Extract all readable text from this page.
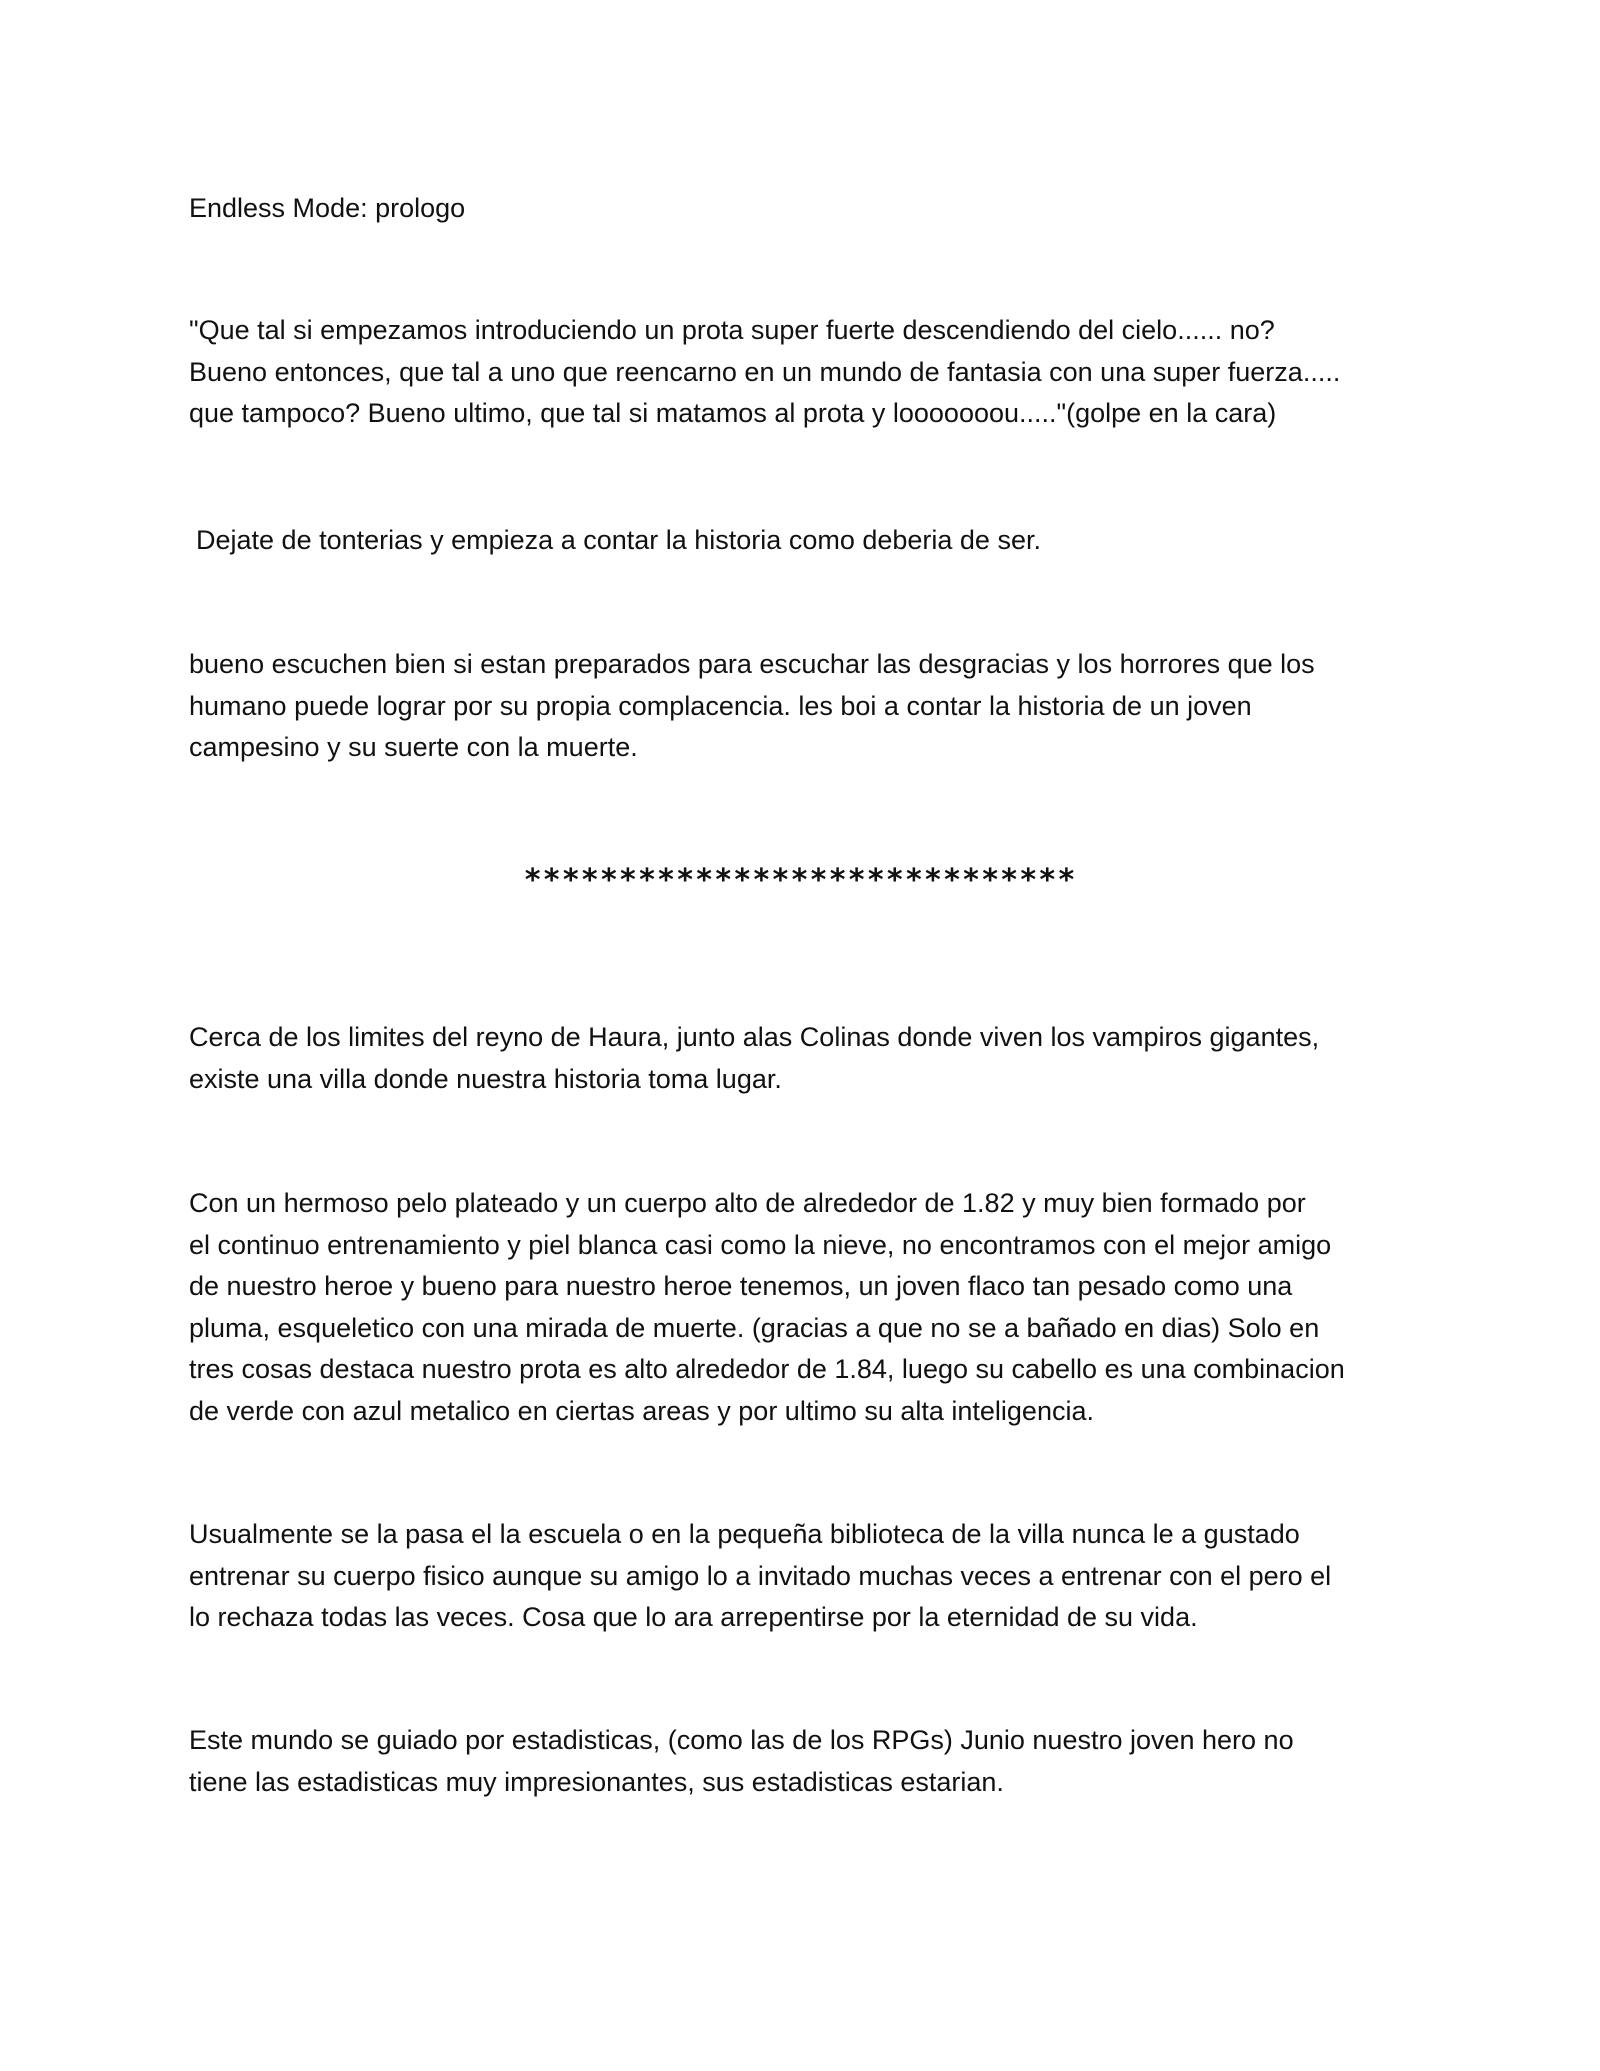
Endless Mode: prologo
"Que tal si empezamos introduciendo un prota super fuerte descendiendo del cielo...... no?
Bueno entonces, que tal a uno que reencarno en un mundo de fantasia con una super fuerza.....
que tampoco? Bueno ultimo, que tal si matamos al prota y looooooou....."(golpe en la cara)
Dejate de tonterias y empieza a contar la historia como deberia de ser.
bueno escuchen bien si estan preparados para escuchar las desgracias y los horrores que los
humano puede lograr por su propia complacencia. les boi a contar la historia de un joven
campesino y su suerte con la muerte.
*****************************
Cerca de los limites del reyno de Haura, junto alas Colinas donde viven los vampiros gigantes,
existe una villa donde nuestra historia toma lugar.
Con un hermoso pelo plateado y un cuerpo alto de alrededor de 1.82 y muy bien formado por
el continuo entrenamiento y piel blanca casi como la nieve, no encontramos con el mejor amigo
de nuestro heroe y bueno para nuestro heroe tenemos, un joven flaco tan pesado como una
pluma, esqueletico con una mirada de muerte. (gracias a que no se a bañado en dias) Solo en
tres cosas destaca nuestro prota es alto alrededor de 1.84, luego su cabello es una combinacion
de verde con azul metalico en ciertas areas y por ultimo su alta inteligencia.
Usualmente se la pasa el la escuela o en la pequeña biblioteca de la villa nunca le a gustado
entrenar su cuerpo fisico aunque su amigo lo a invitado muchas veces a entrenar con el pero el
lo rechaza todas las veces. Cosa que lo ara arrepentirse por la eternidad de su vida.
Este mundo se guiado por estadisticas, (como las de los RPGs) Junio nuestro joven hero no
tiene las estadisticas muy impresionantes, sus estadisticas estarian.
